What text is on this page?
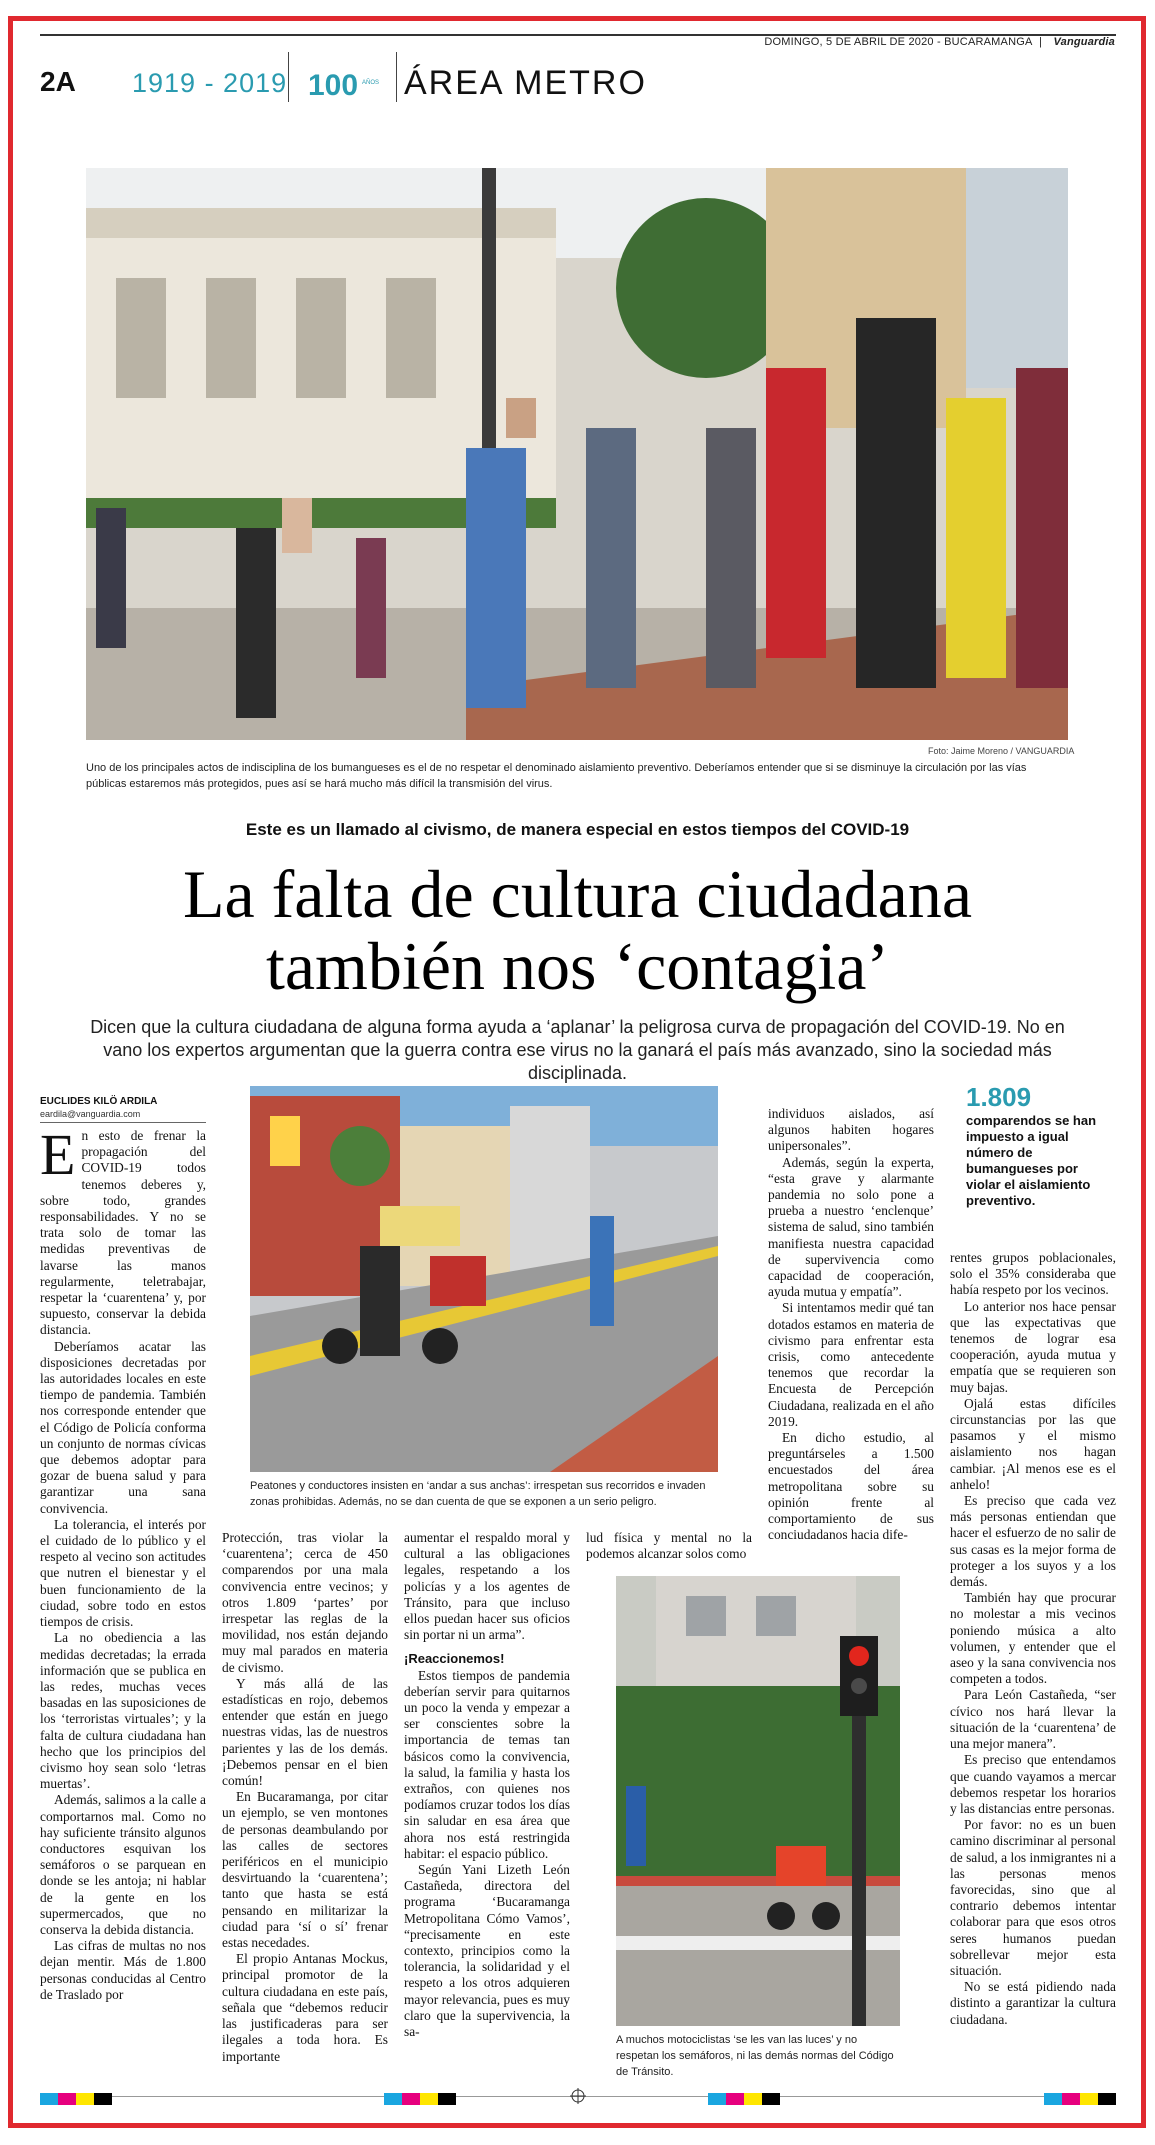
DOMINGO, 5 DE ABRIL DE 2020 - BUCARAMANGA | Vanguardia
2A 1919 - 2019 100 AÑOS ÁREA METRO
Foto: Jaime Moreno / VANGUARDIA
Uno de los principales actos de indisciplina de los bumangueses es el de no respetar el denominado aislamiento preventivo. Deberíamos entender que si se disminuye la circulación por las vías públicas estaremos más protegidos, pues así se hará mucho más difícil la transmisión del virus.
Este es un llamado al civismo, de manera especial en estos tiempos del COVID-19
La falta de cultura ciudadana
también nos ‘contagia’
Dicen que la cultura ciudadana de alguna forma ayuda a ‘aplanar’ la peligrosa curva de propagación del COVID-19. No en vano los expertos argumentan que la guerra contra ese virus no la ganará el país más avanzado, sino la sociedad más disciplinada.
EUCLIDES KILÖ ARDILA
eardila@vanguardia.com
E n esto de frenar la propagación del COVID-19 todos tenemos deberes y, sobre todo, grandes responsabilidades. Y no se trata solo de tomar las medidas preventivas de lavarse las manos regularmente, teletrabajar, respetar la ‘cuarentena’ y, por supuesto, conservar la debida distancia.

Deberíamos acatar las disposiciones decretadas por las autoridades locales en este tiempo de pandemia. También nos corresponde entender que el Código de Policía conforma un conjunto de normas cívicas que debemos adoptar para gozar de buena salud y para garantizar una sana convivencia.

La tolerancia, el interés por el cuidado de lo público y el respeto al vecino son actitudes que nutren el bienestar y el buen funcionamiento de la ciudad, sobre todo en estos tiempos de crisis.

La no obediencia a las medidas decretadas; la errada información que se publica en las redes, muchas veces basadas en las suposiciones de los ‘terroristas virtuales’; y la falta de cultura ciudadana han hecho que los principios del civismo hoy sean solo ‘letras muertas’.

Además, salimos a la calle a comportarnos mal. Como no hay suficiente tránsito algunos conductores esquivan los semáforos o se parquean en donde se les antoja; ni hablar de la gente en los supermercados, que no conserva la debida distancia.

Las cifras de multas no nos dejan mentir. Más de 1.800 personas conducidas al Centro de Traslado por

Peatones y conductores insisten en ‘andar a sus anchas’: irrespetan sus recorridos e invaden zonas prohibidas. Además, no se dan cuenta de que se exponen a un serio peligro.

Protección, tras violar la ‘cuarentena’; cerca de 450 comparendos por una mala convivencia entre vecinos; y otros 1.809 ‘partes’ por irrespetar las reglas de la movilidad, nos están dejando muy mal parados en materia de civismo.

Y más allá de las estadísticas en rojo, debemos entender que están en juego nuestras vidas, las de nuestros parientes y las de los demás. ¡Debemos pensar en el bien común!

En Bucaramanga, por citar un ejemplo, se ven montones de personas deambulando por las calles de sectores periféricos en el municipio desvirtuando la ‘cuarentena’; tanto que hasta se está pensando en militarizar la ciudad para ‘sí o sí’ frenar estas necedades.

El propio Antanas Mockus, principal promotor de la cultura ciudadana en este país, señala que “debemos reducir las justificaderas para ser ilegales a toda hora. Es importante

aumentar el respaldo moral y cultural a las obligaciones legales, respetando a los policías y a los agentes de Tránsito, para que incluso ellos puedan hacer sus oficios sin portar ni un arma”.

¡Reaccionemos!

Estos tiempos de pandemia deberían servir para quitarnos un poco la venda y empezar a ser conscientes sobre la importancia de temas tan básicos como la convivencia, la salud, la familia y hasta los extraños, con quienes nos podíamos cruzar todos los días sin saludar en esa área que ahora nos está restringida habitar: el espacio público.

Según Yani Lizeth León Castañeda, directora del programa ‘Bucaramanga Metropolitana Cómo Vamos’, “precisamente en este contexto, principios como la tolerancia, la solidaridad y el respeto a los otros adquieren mayor relevancia, pues es muy claro que la supervivencia, la sa-

lud física y mental no la podemos alcanzar solos como

A muchos motociclistas ‘se les van las luces’ y no respetan los semáforos, ni las demás normas del Código de Tránsito.

individuos aislados, así algunos habiten hogares unipersonales”.

Además, según la experta, “esta grave y alarmante pandemia no solo pone a prueba a nuestro ‘enclenque’ sistema de salud, sino también manifiesta nuestra capacidad de supervivencia como capacidad de cooperación, ayuda mutua y empatía”.

Si intentamos medir qué tan dotados estamos en materia de civismo para enfrentar esta crisis, como antecedente tenemos que recordar la Encuesta de Percepción Ciudadana, realizada en el año 2019.

En dicho estudio, al preguntárseles a 1.500 encuestados del área metropolitana sobre su opinión frente al comportamiento de sus conciudadanos hacia dife-

1.809
comparendos se han impuesto a igual número de bumangueses por violar el aislamiento preventivo.

rentes grupos poblacionales, solo el 35% consideraba que había respeto por los vecinos.

Lo anterior nos hace pensar que las expectativas que tenemos de lograr esa cooperación, ayuda mutua y empatía que se requieren son muy bajas.

Ojalá estas difíciles circunstancias por las que pasamos y el mismo aislamiento nos hagan cambiar. ¡Al menos ese es el anhelo!

Es preciso que cada vez más personas entiendan que hacer el esfuerzo de no salir de sus casas es la mejor forma de proteger a los suyos y a los demás.

También hay que procurar no molestar a mis vecinos poniendo música a alto volumen, y entender que el aseo y la sana convivencia nos competen a todos.

Para León Castañeda, “ser cívico nos hará llevar la situación de la ‘cuarentena’ de una mejor manera”.

Es preciso que entendamos que cuando vayamos a mercar debemos respetar los horarios y las distancias entre personas.

Por favor: no es un buen camino discriminar al personal de salud, a los inmigrantes ni a las personas menos favorecidas, sino que al contrario debemos intentar colaborar para que esos otros seres humanos puedan sobrellevar mejor esta situación.

No se está pidiendo nada distinto a garantizar la cultura ciudadana.
